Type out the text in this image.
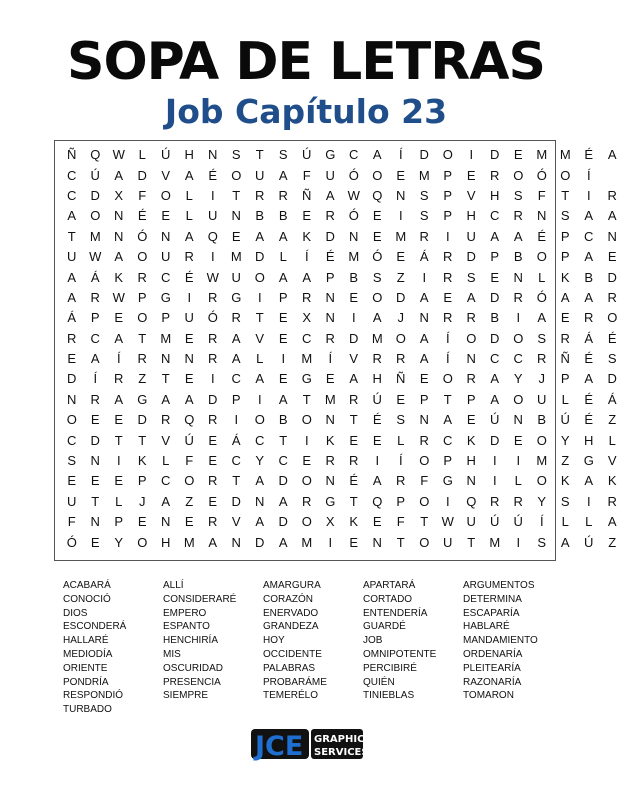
SOPA DE LETRAS
Job Capítulo 23
Ñ	Q W	L	Ú	H	N	S	T	S	Ú	G	C	A	Í	D	O	I	D	E	M M	É	A
C	Ú	A	D	V	A	É	O	U	A	F	U	Ó	O	E	M	P	E	R	O	Ó	O	Í
C	D	X	F	O	L	I	T	R	R	Ñ	A	W Q	N	S	P	V	H	S	F	T	I	R
A	O	N	É	E	L	U	N	B	B	E	R	Ó	E	I	S	P	H	C	R	N	S	A	A
T	M	N	Ó	N	A	Q	E	A	A	K	D	N	E	M	R	I	U	A	A	É	P	C	N
U W	A	O	U	R	I	M	D	L	Í	É	M	Ó	E	Á	R	D	P	B	O	P	A	E
A	Á	K	R	C	É	W U	O	A	A	P	B	S	Z	I	R	S	E	N	L	K	B	D
A	R W	P	G	I	R	G	I	P	R	N	E	O	D	A	E	A	D	R	Ó	A	A	R
Á	P	E	O	P	U	Ó	R	T	E	X	N	I	A	J	N	R	R	B	I	A	E	R	O
R	C	A	T	M	E	R	A	V	E	C	R	D	M	O	A	Í	O	D	O	S	R	Á	É
E	A	Í	R	N	N	R	A	L	I	M	Í	V	R	R	A	Í	N	C	C	R	Ñ	É	S
D	Í	R	Z	T	E	I	C	A	E	G	E	A	H	Ñ	E	O	R	A	Y	J	P	A	D
N	R	A	G	A	A	D	P	I	A	T	M	R	Ú	E	P	T	P	A	O	U	L	É	Á
O	E	E	D	R	Q	R	I	O	B	O	N	T	É	S	N	A	E	Ú	N	B	Ú	É	Z
C	D	T	T	V	Ú	E	Á	C	T	I	K	E	E	L	R	C	K	D	E	O	Y	H	L
S	N	I	K	L	F	E	C	Y	C	E	R	R	I	Í	O	P	H	I	I	M	Z	G	V
E	E	E	P	C	O	R	T	A	D	O	N	É	A	R	F	G	N	I	L	O	K	A	K
U	T	L	J	A	Z	E	D	N	A	R	G	T	Q	P	O	I	Q	R	R	Y	S	I	R
F	N	P	E	N	E	R	V	A	D	O	X	K	E	F	T	W U	Ú	Ú	Í	L	L	A
Ó	E	Y	O	H	M	A	N	D	A	M	I	E	N	T	O	U	T	M	I	S	A	Ú	Z
ACABARÁ	ALLÍ	AMARGURA	APARTARÁ	ARGUMENTOS
CONOCIÓ	CONSIDERARÉ	CORAZÓN	CORTADO	DETERMINA
DIOS	EMPERO	ENERVADO	ENTENDERÍA	ESCAPARÍA
ESCONDERÁ	ESPANTO	GRANDEZA	GUARDÉ	HABLARÉ
HALLARÉ	HENCHIRÍA	HOY	JOB	MANDAMIENTO
MEDIODÍA	MIS	OCCIDENTE	OMNIPOTENTE	ORDENARÍA
ORIENTE	OSCURIDAD	PALABRAS	PERCIBIRÉ	PLEITEARÍA
PONDRÍA	PRESENCIA	PROBARÁME	QUIÉN	RAZONARÍA
RESPONDIÓ	SIEMPRE	TEMERÉLO	TINIEBLAS	TOMARON
TURBADO
JCE GRAPHIC
SERVICES
